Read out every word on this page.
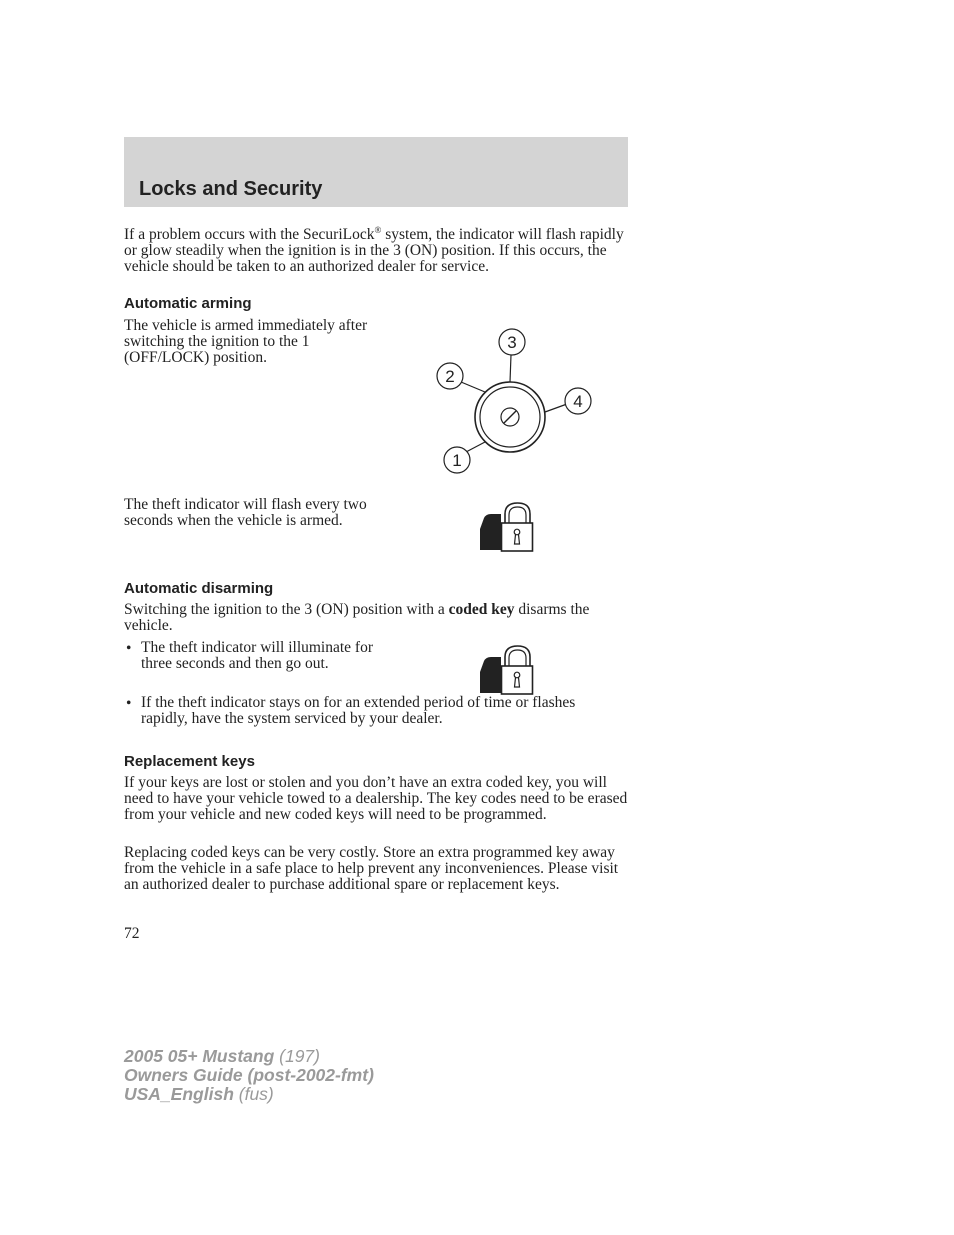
Locks and Security

If a problem occurs with the SecuriLock® system, the indicator will flash rapidly or glow steadily when the ignition is in the 3 (ON) position. If this occurs, the vehicle should be taken to an authorized dealer for service.

Automatic arming

The vehicle is armed immediately after switching the ignition to the 1 (OFF/LOCK) position.

3
2
4
1

The theft indicator will flash every two seconds when the vehicle is armed.

Automatic disarming

Switching the ignition to the 3 (ON) position with a coded key disarms the vehicle.

• The theft indicator will illuminate for three seconds and then go out.

• If the theft indicator stays on for an extended period of time or flashes rapidly, have the system serviced by your dealer.

Replacement keys

If your keys are lost or stolen and you don’t have an extra coded key, you will need to have your vehicle towed to a dealership. The key codes need to be erased from your vehicle and new coded keys will need to be programmed.

Replacing coded keys can be very costly. Store an extra programmed key away from the vehicle in a safe place to help prevent any inconveniences. Please visit an authorized dealer to purchase additional spare or replacement keys.

72

2005 05+ Mustang (197)
Owners Guide (post-2002-fmt)
USA_English (fus)
